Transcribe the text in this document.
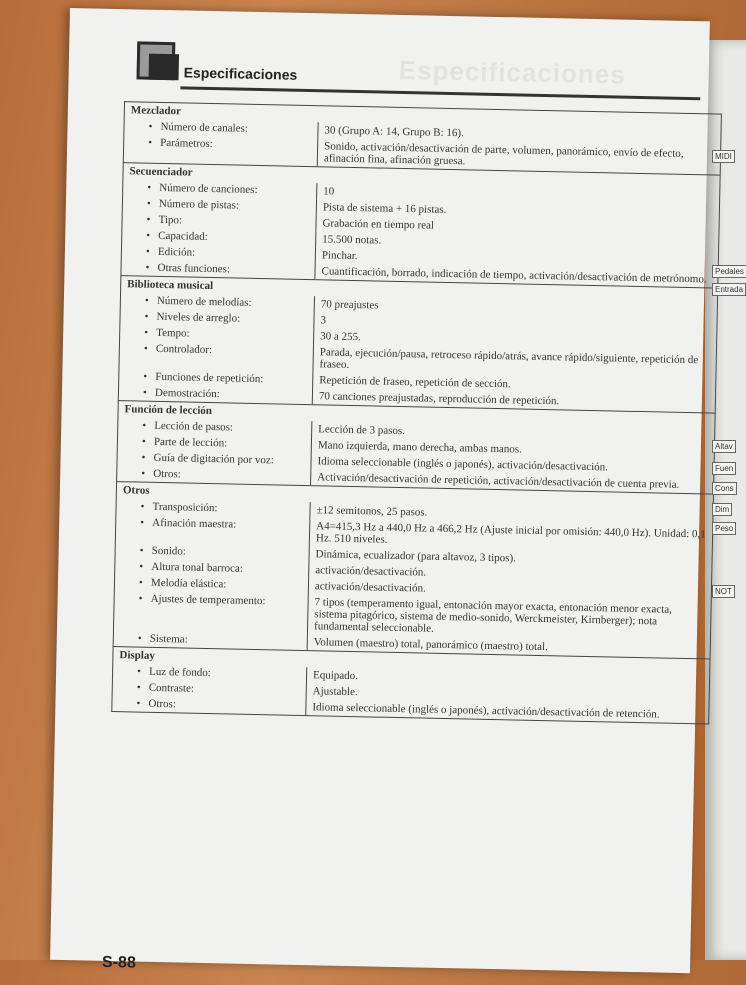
Especificaciones	Especificaciones
Mezclador
• Número de canales:	30 (Grupo A: 14, Grupo B: 16).
• Parámetros:	Sonido, activación/desactivación de parte, volumen, panorámico, envío de efecto, afinación fina, afinación gruesa.

Secuenciador
• Número de canciones:	10
• Número de pistas:	Pista de sistema + 16 pistas.
• Tipo:	Grabación en tiempo real
• Capacidad:	15.500 notas.
• Edición:	Pinchar.
• Otras funciones:	Cuantificación, borrado, indicación de tiempo, activación/desactivación de metrónomo.

Biblioteca musical
• Número de melodías:	70 preajustes
• Niveles de arreglo:	3
• Tempo:	30 a 255.
• Controlador:	Parada, ejecución/pausa, retroceso rápido/atrás, avance rápido/siguiente, repetición de fraseo.
• Funciones de repetición:	Repetición de fraseo, repetición de sección.
• Demostración:	70 canciones preajustadas, reproducción de repetición.

Función de lección
• Lección de pasos:	Lección de 3 pasos.
• Parte de lección:	Mano izquierda, mano derecha, ambas manos.
• Guía de digitación por voz:	Idioma seleccionable (inglés o japonés), activación/desactivación.
• Otros:	Activación/desactivación de repetición, activación/desactivación de cuenta previa.

Otros
• Transposición:	±12 semitonos, 25 pasos.
• Afinación maestra:	A4=415,3 Hz a 440,0 Hz a 466,2 Hz (Ajuste inicial por omisión: 440,0 Hz). Unidad: 0,1 Hz. 510 niveles.
• Sonido:	Dinámica, ecualizador (para altavoz, 3 tipos).
• Altura tonal barroca:	activación/desactivación.
• Melodía elástica:	activación/desactivación.
• Ajustes de temperamento:	7 tipos (temperamento igual, entonación mayor exacta, entonación menor exacta, sistema pitagórico, sistema de medio-sonido, Werckmeister, Kirnberger); nota fundamental seleccionable.
• Sistema:	Volumen (maestro) total, panorámico (maestro) total.

Display
• Luz de fondo:	Equipado.
• Contraste:	Ajustable.
• Otros:	Idioma seleccionable (inglés o japonés), activación/desactivación de retención.
S-88
MIDI
Pedales
Entrada
Altav
Fuen
Cons
Dim
Peso
NOT
